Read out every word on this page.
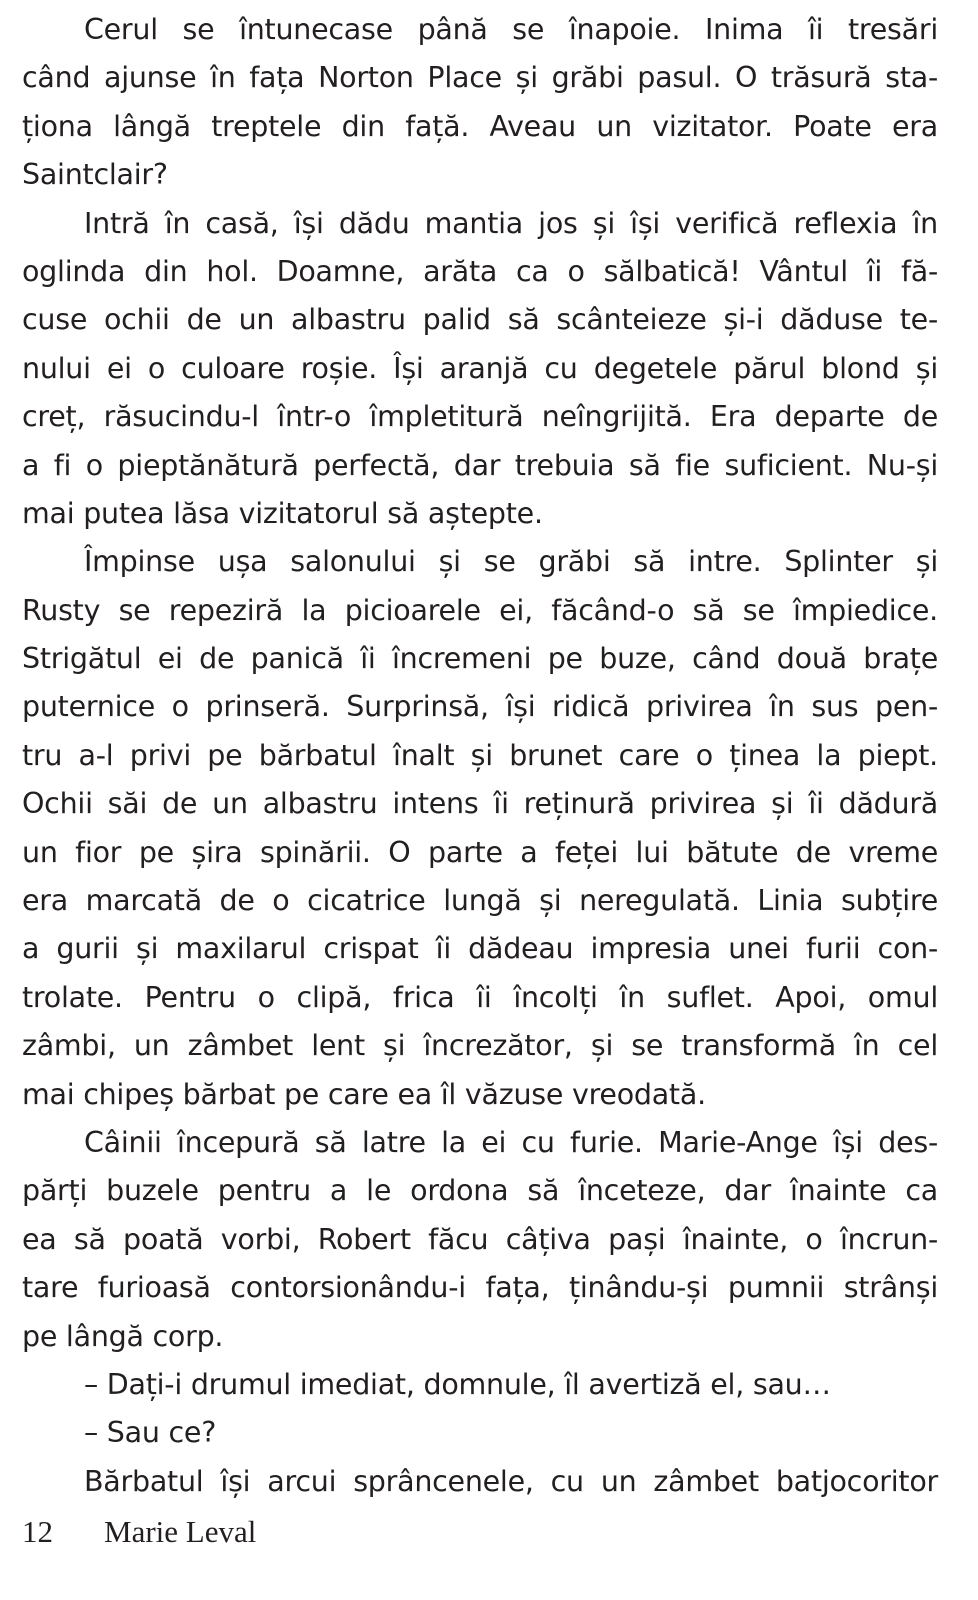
Cerul se întunecase până se înapoie. Inima îi tresări
când ajunse în fața Norton Place și grăbi pasul. O trăsură sta-
ționa lângă treptele din față. Aveau un vizitator. Poate era
Saintclair?
Intră în casă, își dădu mantia jos și își verifică reflexia în
oglinda din hol. Doamne, arăta ca o sălbatică! Vântul îi fă-
cuse ochii de un albastru palid să scânteieze și-i dăduse te-
nului ei o culoare roșie. Își aranjă cu degetele părul blond și
creț, răsucindu-l într-o împletitură neîngrijită. Era departe de
a fi o pieptănătură perfectă, dar trebuia să fie suficient. Nu-și
mai putea lăsa vizitatorul să aștepte.
Împinse ușa salonului și se grăbi să intre. Splinter și
Rusty se repeziră la picioarele ei, făcând-o să se împiedice.
Strigătul ei de panică îi încremeni pe buze, când două brațe
puternice o prinseră. Surprinsă, își ridică privirea în sus pen-
tru a-l privi pe bărbatul înalt și brunet care o ținea la piept.
Ochii săi de un albastru intens îi reținură privirea și îi dădură
un fior pe șira spinării. O parte a feței lui bătute de vreme
era marcată de o cicatrice lungă și neregulată. Linia subțire
a gurii și maxilarul crispat îi dădeau impresia unei furii con-
trolate. Pentru o clipă, frica îi încolți în suflet. Apoi, omul
zâmbi, un zâmbet lent și încrezător, și se transformă în cel
mai chipeș bărbat pe care ea îl văzuse vreodată.
Câinii începură să latre la ei cu furie. Marie-Ange își des-
părți buzele pentru a le ordona să înceteze, dar înainte ca
ea să poată vorbi, Robert făcu câțiva pași înainte, o încrun-
tare furioasă contorsionându-i fața, ținându-și pumnii strânși
pe lângă corp.
– Dați-i drumul imediat, domnule, îl avertiză el, sau…
– Sau ce?
Bărbatul își arcui sprâncenele, cu un zâmbet batjocoritor
12 Marie Leval
